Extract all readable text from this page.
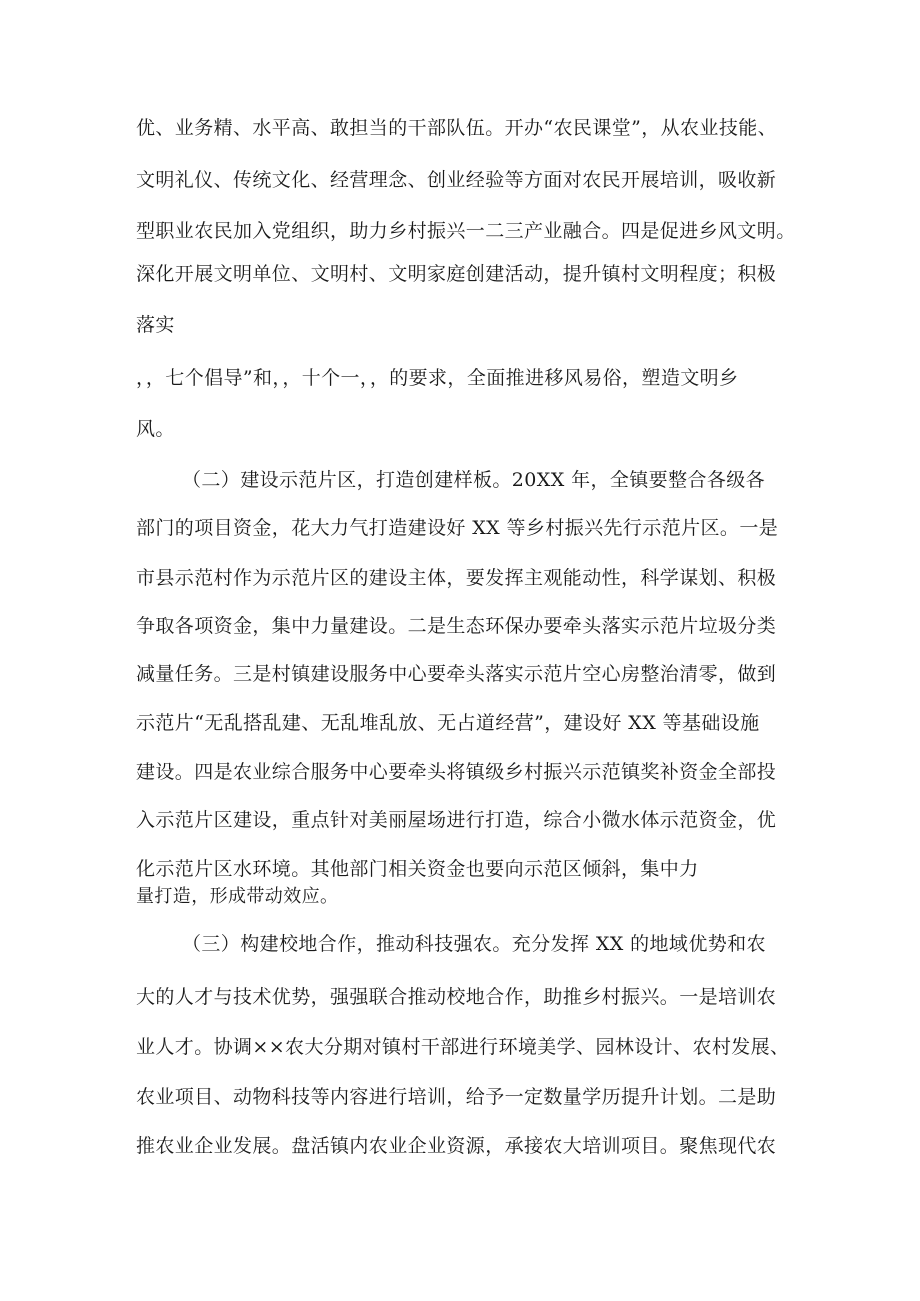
优、业务精、水平高、敢担当的干部队伍。开办“农民课堂”，从农业技能、
文明礼仪、传统文化、经营理念、创业经验等方面对农民开展培训，吸收新
型职业农民加入党组织，助力乡村振兴一二三产业融合。四是促进乡风文明。
深化开展文明单位、文明村、文明家庭创建活动，提升镇村文明程度；积极
落实
，，七个倡导”和，，十个一，，的要求，全面推进移风易俗，塑造文明乡
风。
（二）建设示范片区，打造创建样板。20XX 年，全镇要整合各级各
部门的项目资金，花大力气打造建设好 XX 等乡村振兴先行示范片区。一是
市县示范村作为示范片区的建设主体，要发挥主观能动性，科学谋划、积极
争取各项资金，集中力量建设。二是生态环保办要牵头落实示范片垃圾分类
减量任务。三是村镇建设服务中心要牵头落实示范片空心房整治清零，做到
示范片“无乱搭乱建、无乱堆乱放、无占道经营”，建设好 XX 等基础设施
建设。四是农业综合服务中心要牵头将镇级乡村振兴示范镇奖补资金全部投
入示范片区建设，重点针对美丽屋场进行打造，综合小微水体示范资金，优
化示范片区水环境。其他部门相关资金也要向示范区倾斜，集中力
量打造，形成带动效应。
（三）构建校地合作，推动科技强农。充分发挥 XX 的地域优势和农
大的人才与技术优势，强强联合推动校地合作，助推乡村振兴。一是培训农
业人才。协调××农大分期对镇村干部进行环境美学、园林设计、农村发展、
农业项目、动物科技等内容进行培训，给予一定数量学历提升计划。二是助
推农业企业发展。盘活镇内农业企业资源，承接农大培训项目。聚焦现代农
